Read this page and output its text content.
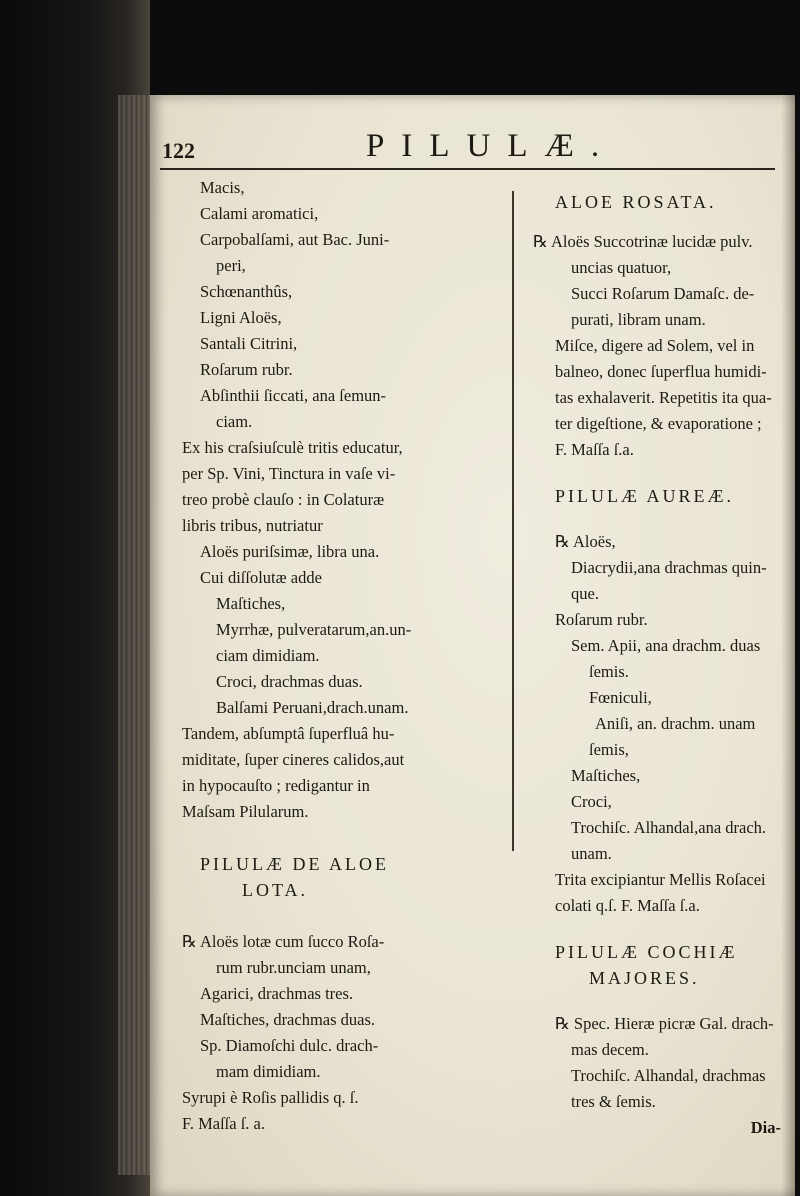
122	PILULÆ.

Macis,

Calami aromatici,

Carpobalſami, aut Bac. Juni-

peri,

Schœnanthûs,

Ligni Aloës,

Santali Citrini,

Roſarum rubr.

Abſinthii ſiccati, ana ſemun-

ciam.

Ex his craſsiuſculè tritis educatur,

per Sp. Vini, Tinctura in vaſe vi-

treo probè clauſo : in Colaturæ

libris tribus, nutriatur

Aloës puriſsimæ, libra una.

Cui diſſolutæ adde

Maſtiches,

Myrrhæ, pulveratarum,an.un-

ciam dimidiam.

Croci, drachmas duas.

Balſami Peruani,drach.unam.

Tandem, abſumptâ ſuperfluâ hu-

miditate, ſuper cineres calidos,aut

in hypocauſto ; redigantur in

Maſsam Pilularum.

PILULÆ DE ALOE
LOTA.

℞ Aloës lotæ cum ſucco Roſa-

rum rubr.unciam unam,

Agarici, drachmas tres.

Maſtiches, drachmas duas.

Sp. Diamoſchi dulc. drach-

mam dimidiam.

Syrupi è Roſis pallidis q. ſ.

F. Maſſa ſ. a.

ALOE ROSATA.

℞ Aloës Succotrinæ lucidæ pulv.

uncias quatuor,

Succi Roſarum Damaſc. de-

purati, libram unam.

Miſce, digere ad Solem, vel in

balneo, donec ſuperflua humidi-

tas exhalaverit. Repetitis ita qua-

ter digeſtione, & evaporatione ;

F. Maſſa ſ.a.

PILULÆ AUREÆ.

℞ Aloës,

Diacrydii,ana drachmas quin-

que.

Roſarum rubr.

Sem. Apii, ana drachm. duas

ſemis.

Fœniculi,

Aniſi, an. drachm. unam

ſemis,

Maſtiches,

Croci,

Trochiſc. Alhandal,ana drach.

unam.

Trita excipiantur Mellis Roſacei

colati q.ſ. F. Maſſa ſ.a.

PILULÆ COCHIÆ
MAJORES.

℞ Spec. Hieræ picræ Gal. drach-

mas decem.

Trochiſc. Alhandal, drachmas

tres & ſemis.

Dia-
